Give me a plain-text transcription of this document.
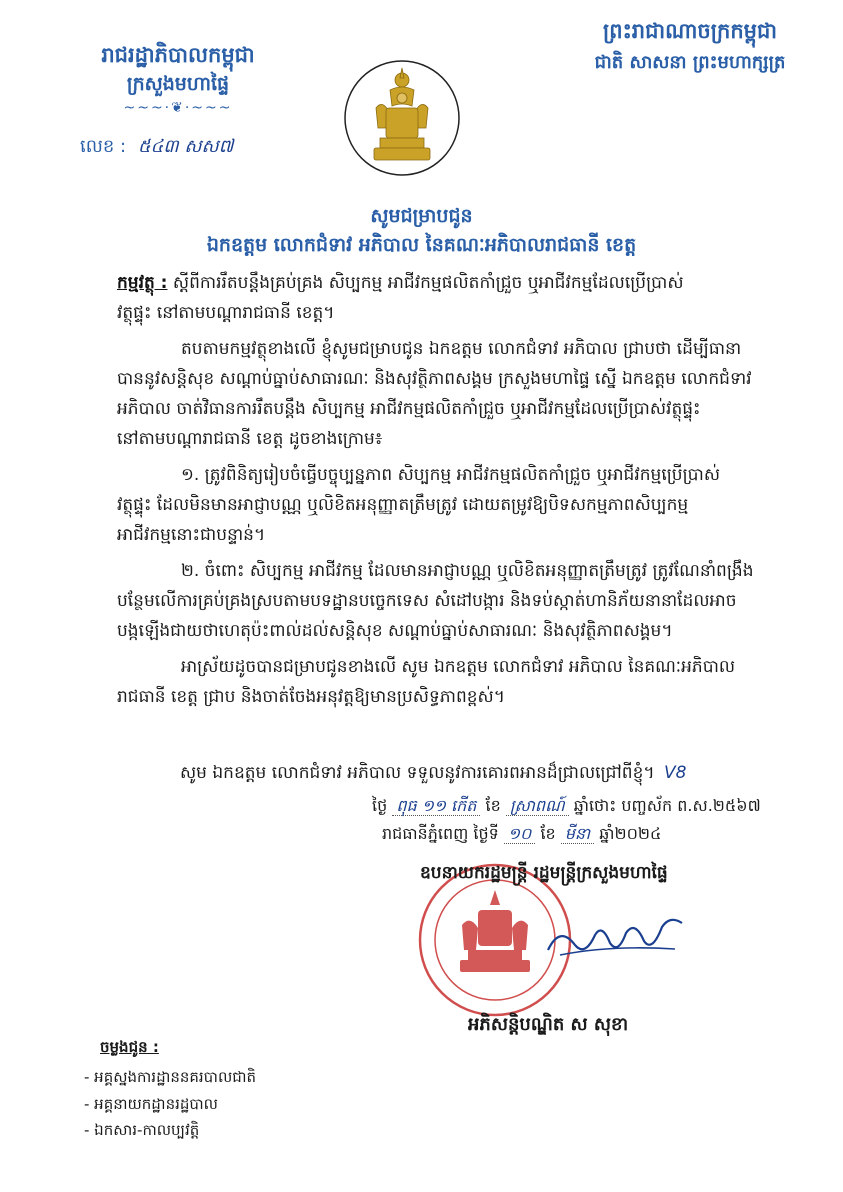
រាជរដ្ឋាភិបាលកម្ពុជា
ក្រសួងមហាផ្ទៃ
~~~·❦·~~~
លេខ : ៥៤៣ សស៧
ព្រះរាជាណាចក្រកម្ពុជា
ជាតិ សាសនា ព្រះមហាក្សត្រ
សូមជម្រាបជូន
ឯកឧត្តម លោកជំទាវ អភិបាល នៃគណៈអភិបាលរាជធានី ខេត្ត

កម្មវត្ថុ : ស្ដីពីការរឹតបន្តឹងគ្រប់គ្រង សិប្បកម្ម អាជីវកម្មផលិតកាំជ្រួច ឬអាជីវកម្មដែលប្រើប្រាស់

វត្ថុផ្ទុះ នៅតាមបណ្ដារាជធានី ខេត្ត។

តបតាមកម្មវត្ថុខាងលើ ខ្ញុំសូមជម្រាបជូន ឯកឧត្តម លោកជំទាវ អភិបាល ជ្រាបថា ដើម្បីធានា

បាននូវសន្តិសុខ សណ្ដាប់ធ្នាប់សាធារណៈ និងសុវត្ថិភាពសង្គម ក្រសួងមហាផ្ទៃ ស្នើ ឯកឧត្តម លោកជំទាវ

អភិបាល ចាត់វិធានការរឹតបន្តឹង សិប្បកម្ម អាជីវកម្មផលិតកាំជ្រួច ឬអាជីវកម្មដែលប្រើប្រាស់វត្ថុផ្ទុះ

នៅតាមបណ្ដារាជធានី ខេត្ត ដូចខាងក្រោម៖

១. ត្រូវពិនិត្យរៀបចំធ្វើបច្ចុប្បន្នភាព សិប្បកម្ម អាជីវកម្មផលិតកាំជ្រួច ឬអាជីវកម្មប្រើប្រាស់

វត្ថុផ្ទុះ ដែលមិនមានអាជ្ញាបណ្ណ ឬលិខិតអនុញ្ញាតត្រឹមត្រូវ ដោយតម្រូវឱ្យបិទសកម្មភាពសិប្បកម្ម

អាជីវកម្មនោះជាបន្ទាន់។

២. ចំពោះ សិប្បកម្ម អាជីវកម្ម ដែលមានអាជ្ញាបណ្ណ ឬលិខិតអនុញ្ញាតត្រឹមត្រូវ ត្រូវណែនាំពង្រឹង

បន្ថែមលើការគ្រប់គ្រងស្របតាមបទដ្ឋានបច្ចេកទេស សំដៅបង្ការ និងទប់ស្កាត់ហានិភ័យនានាដែលអាច

បង្កឡើងជាយថាហេតុប៉ះពាល់ដល់សន្តិសុខ សណ្ដាប់ធ្នាប់សាធារណៈ និងសុវត្ថិភាពសង្គម។

អាស្រ័យដូចបានជម្រាបជូនខាងលើ សូម ឯកឧត្តម លោកជំទាវ អភិបាល នៃគណៈអភិបាល

រាជធានី ខេត្ត ជ្រាប និងចាត់ចែងអនុវត្តឱ្យមានប្រសិទ្ធភាពខ្ពស់។

សូម ឯកឧត្តម លោកជំទាវ អភិបាល ទទួលនូវការគោរពអានដ៏ជ្រាលជ្រៅពីខ្ញុំ។ V8
ថ្ងៃ ពុធ ១១ កើត ខែ ស្រាពណ៍ ឆ្នាំថោះ បញ្ចស័ក ព.ស.២៥៦៧
រាជធានីភ្នំពេញ ថ្ងៃទី ១០ ខែ មីនា ឆ្នាំ២០២៤
ឧបនាយករដ្ឋមន្ត្រី រដ្ឋមន្ត្រីក្រសួងមហាផ្ទៃ
អភិសន្តិបណ្ឌិត ស សុខា
ចម្លងជូន :
- អគ្គស្នងការដ្ឋាននគរបាលជាតិ
- អគ្គនាយកដ្ឋានរដ្ឋបាល
- ឯកសារ-កាលប្បវត្តិ
